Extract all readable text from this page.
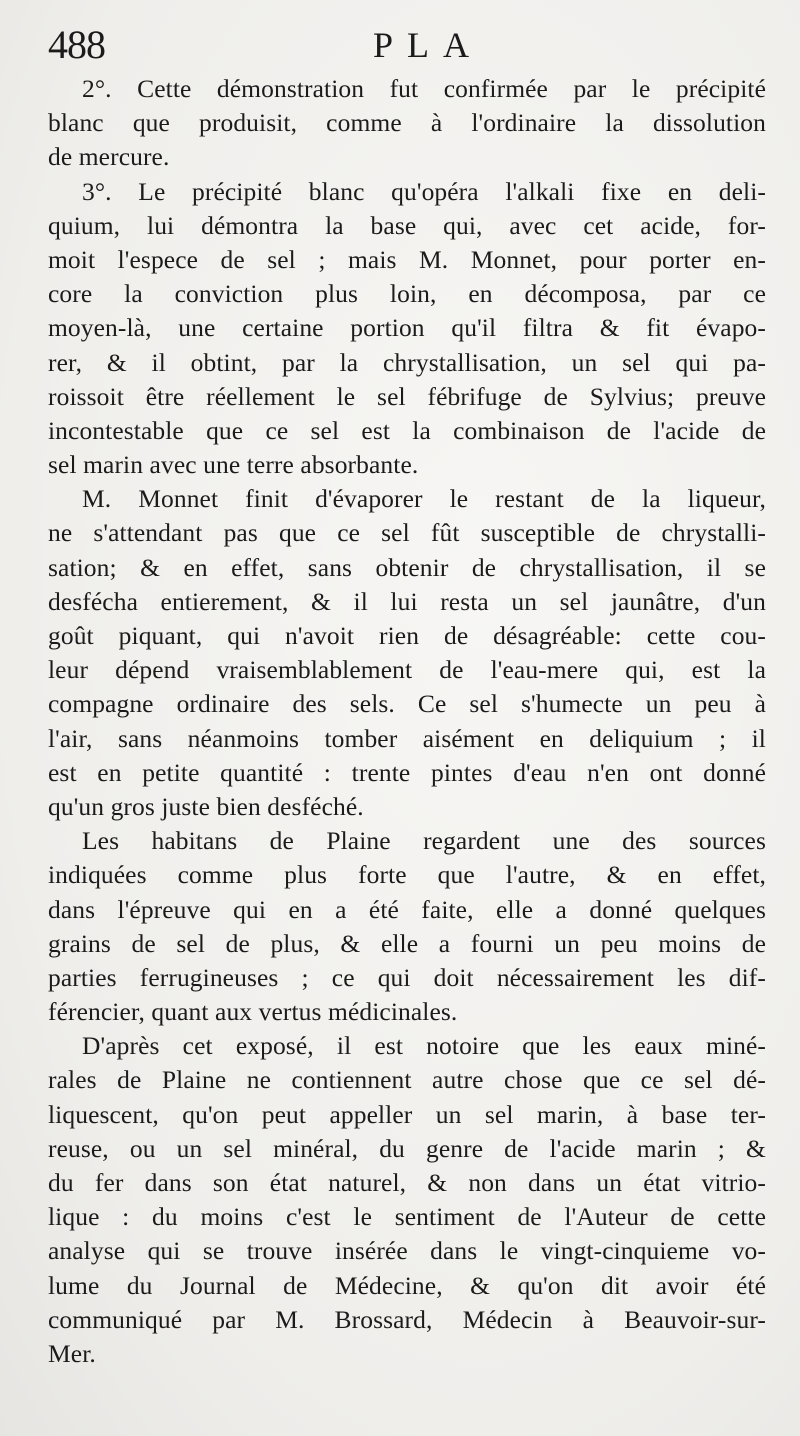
488	PLA
2°. Cette démonstration fut confirmée par le précipité
blanc que produisit, comme à l'ordinaire la dissolution
de mercure.
3°. Le précipité blanc qu'opéra l'alkali fixe en deli-
quium, lui démontra la base qui, avec cet acide, for-
moit l'espece de sel ; mais M. Monnet, pour porter en-
core la conviction plus loin, en décomposa, par ce
moyen-là, une certaine portion qu'il filtra & fit évapo-
rer, & il obtint, par la chrystallisation, un sel qui pa-
roissoit être réellement le sel fébrifuge de Sylvius; preuve
incontestable que ce sel est la combinaison de l'acide de
sel marin avec une terre absorbante.
M. Monnet finit d'évaporer le restant de la liqueur,
ne s'attendant pas que ce sel fût susceptible de chrystalli-
sation; & en effet, sans obtenir de chrystallisation, il se
desfécha entierement, & il lui resta un sel jaunâtre, d'un
goût piquant, qui n'avoit rien de désagréable: cette cou-
leur dépend vraisemblablement de l'eau-mere qui, est la
compagne ordinaire des sels. Ce sel s'humecte un peu à
l'air, sans néanmoins tomber aisément en deliquium ; il
est en petite quantité : trente pintes d'eau n'en ont donné
qu'un gros juste bien desféché.
Les habitans de Plaine regardent une des sources
indiquées comme plus forte que l'autre, & en effet,
dans l'épreuve qui en a été faite, elle a donné quelques
grains de sel de plus, & elle a fourni un peu moins de
parties ferrugineuses ; ce qui doit nécessairement les dif-
férencier, quant aux vertus médicinales.
D'après cet exposé, il est notoire que les eaux miné-
rales de Plaine ne contiennent autre chose que ce sel dé-
liquescent, qu'on peut appeller un sel marin, à base ter-
reuse, ou un sel minéral, du genre de l'acide marin ; &
du fer dans son état naturel, & non dans un état vitrio-
lique : du moins c'est le sentiment de l'Auteur de cette
analyse qui se trouve insérée dans le vingt-cinquieme vo-
lume du Journal de Médecine, & qu'on dit avoir été
communiqué par M. Brossard, Médecin à Beauvoir-sur-
Mer.
